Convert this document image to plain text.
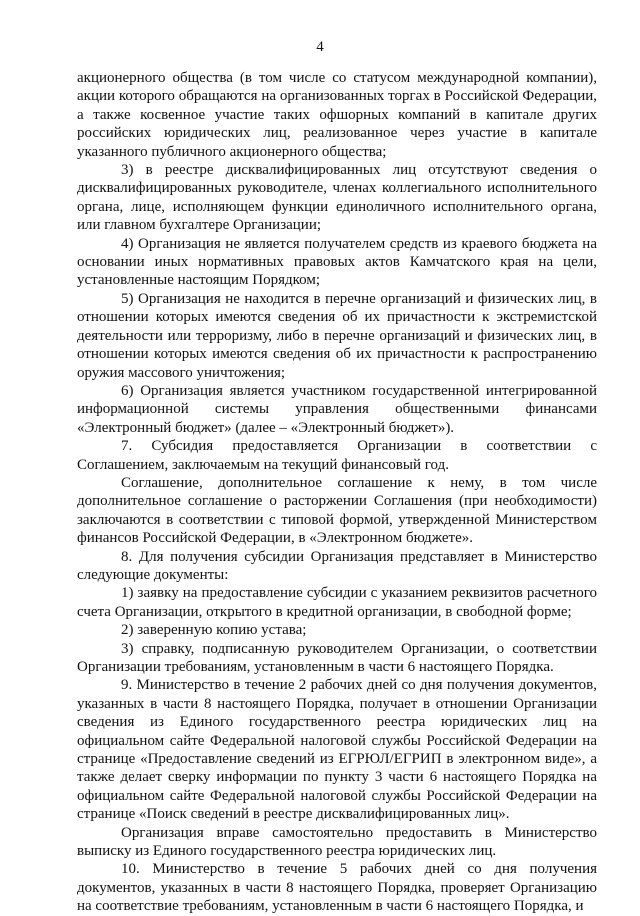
4

акционерного общества (в том числе со статусом международной компании), акции которого обращаются на организованных торгах в Российской Федерации, а также косвенное участие таких офшорных компаний в капитале других российских юридических лиц, реализованное через участие в капитале указанного публичного акционерного общества;

3) в реестре дисквалифицированных лиц отсутствуют сведения о дисквалифицированных руководителе, членах коллегиального исполнительного органа, лице, исполняющем функции единоличного исполнительного органа, или главном бухгалтере Организации;

4) Организация не является получателем средств из краевого бюджета на основании иных нормативных правовых актов Камчатского края на цели, установленные настоящим Порядком;

5) Организация не находится в перечне организаций и физических лиц, в отношении которых имеются сведения об их причастности к экстремистской деятельности или терроризму, либо в перечне организаций и физических лиц, в отношении которых имеются сведения об их причастности к распространению оружия массового уничтожения;

6) Организация является участником государственной интегрированной информационной системы управления общественными финансами «Электронный бюджет» (далее – «Электронный бюджет»).

7. Субсидия предоставляется Организации в соответствии с Соглашением, заключаемым на текущий финансовый год.

Соглашение, дополнительное соглашение к нему, в том числе дополнительное соглашение о расторжении Соглашения (при необходимости) заключаются в соответствии с типовой формой, утвержденной Министерством финансов Российской Федерации, в «Электронном бюджете».

8. Для получения субсидии Организация представляет в Министерство следующие документы:

1) заявку на предоставление субсидии с указанием реквизитов расчетного счета Организации, открытого в кредитной организации, в свободной форме;

2) заверенную копию устава;

3) справку, подписанную руководителем Организации, о соответствии Организации требованиям, установленным в части 6 настоящего Порядка.

9. Министерство в течение 2 рабочих дней со дня получения документов, указанных в части 8 настоящего Порядка, получает в отношении Организации сведения из Единого государственного реестра юридических лиц на официальном сайте Федеральной налоговой службы Российской Федерации на странице «Предоставление сведений из ЕГРЮЛ/ЕГРИП в электронном виде», а также делает сверку информации по пункту 3 части 6 настоящего Порядка на официальном сайте Федеральной налоговой службы Российской Федерации на странице «Поиск сведений в реестре дисквалифицированных лиц».

Организация вправе самостоятельно предоставить в Министерство выписку из Единого государственного реестра юридических лиц.

10. Министерство в течение 5 рабочих дней со дня получения документов, указанных в части 8 настоящего Порядка, проверяет Организацию на соответствие требованиям, установленным в части 6 настоящего Порядка, и
